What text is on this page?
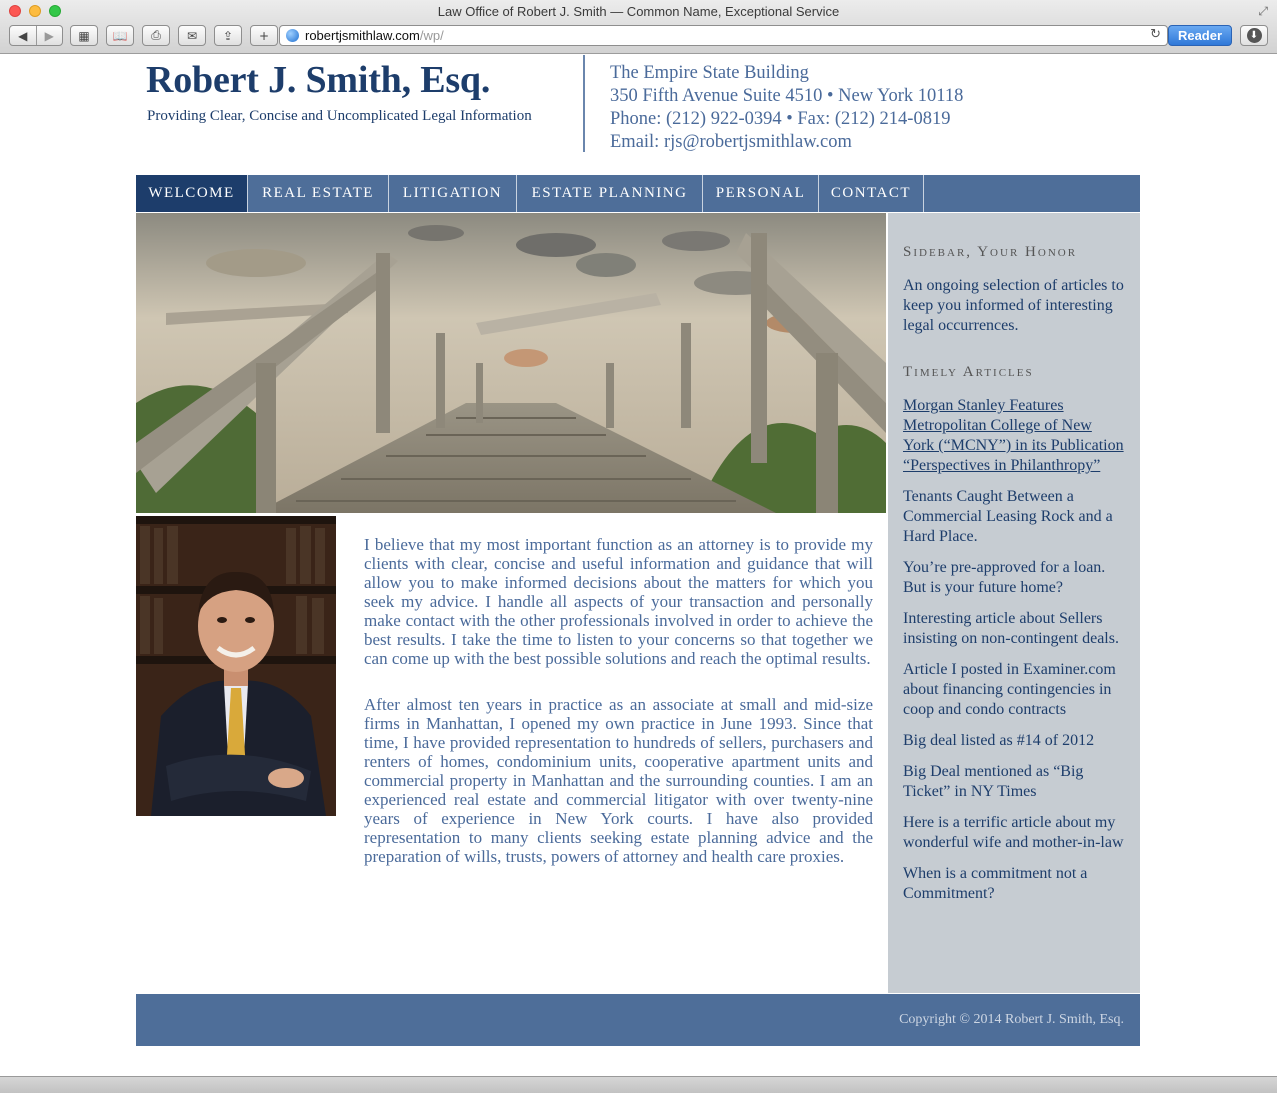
Law Office of Robert J. Smith — Common Name, Exceptional Service	⤢
◀	▶	▦	📖	⎙	✉	⇪	+	robertjsmithlaw.com/wp/	↻	Reader	⬇
Robert J. Smith, Esq.
Providing Clear, Concise and Uncomplicated Legal Information
The Empire State Building
350 Fifth Avenue Suite 4510 • New York 10118
Phone: (212) 922-0394 • Fax: (212) 214-0819
Email: rjs@robertjsmithlaw.com
WELCOME	REAL ESTATE	LITIGATION	ESTATE PLANNING	PERSONAL	CONTACT

I believe that my most important function as an attorney is to provide my clients with clear, concise and useful information and guidance that will allow you to make informed decisions about the matters for which you seek my advice. I handle all aspects of your transaction and personally make contact with the other professionals involved in order to achieve the best results. I take the time to listen to your concerns so that together we can come up with the best possible solutions and reach the optimal results.

After almost ten years in practice as an associate at small and mid-size firms in Manhattan, I opened my own practice in June 1993. Since that time, I have provided representation to hundreds of sellers, purchasers and renters of homes, condominium units, cooperative apartment units and commercial property in Manhattan and the surrounding counties. I am an experienced real estate and commercial litigator with over twenty-nine years of experience in New York courts. I have also provided representation to many clients seeking estate planning advice and the preparation of wills, trusts, powers of attorney and health care proxies.

Sidebar, Your Honor
An ongoing selection of articles to keep you informed of interesting legal occurrences.
Timely Articles
Morgan Stanley Features Metropolitan College of New York (“MCNY”) in its Publication “Perspectives in Philanthropy”
Tenants Caught Between a Commercial Leasing Rock and a Hard Place.
You’re pre-approved for a loan. But is your future home?
Interesting article about Sellers insisting on non-contingent deals.
Article I posted in Examiner.com about financing contingencies in coop and condo contracts
Big deal listed as #14 of 2012
Big Deal mentioned as “Big Ticket” in NY Times
Here is a terrific article about my wonderful wife and mother-in-law
When is a commitment not a Commitment?
Copyright © 2014 Robert J. Smith, Esq.
